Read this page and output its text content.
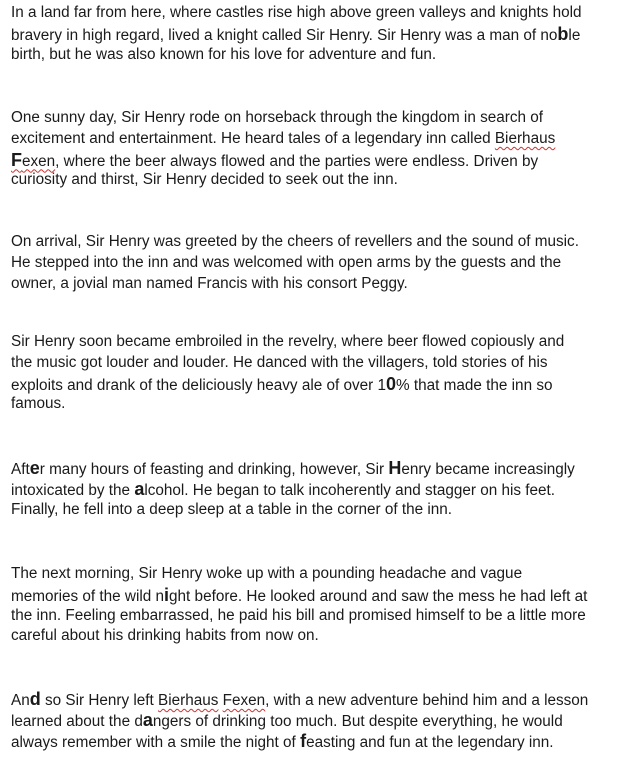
In a land far from here, where castles rise high above green valleys and knights hold
bravery in high regard, lived a knight called Sir Henry. Sir Henry was a man of noble
birth, but he was also known for his love for adventure and fun.

One sunny day, Sir Henry rode on horseback through the kingdom in search of
excitement and entertainment. He heard tales of a legendary inn called Bierhaus
Fexen, where the beer always flowed and the parties were endless. Driven by
curiosity and thirst, Sir Henry decided to seek out the inn.

On arrival, Sir Henry was greeted by the cheers of revellers and the sound of music.
He stepped into the inn and was welcomed with open arms by the guests and the
owner, a jovial man named Francis with his consort Peggy.

Sir Henry soon became embroiled in the revelry, where beer flowed copiously and
the music got louder and louder. He danced with the villagers, told stories of his
exploits and drank of the deliciously heavy ale of over 10% that made the inn so
famous.

After many hours of feasting and drinking, however, Sir Henry became increasingly
intoxicated by the alcohol. He began to talk incoherently and stagger on his feet.
Finally, he fell into a deep sleep at a table in the corner of the inn.

The next morning, Sir Henry woke up with a pounding headache and vague
memories of the wild night before. He looked around and saw the mess he had left at
the inn. Feeling embarrassed, he paid his bill and promised himself to be a little more
careful about his drinking habits from now on.

And so Sir Henry left Bierhaus Fexen, with a new adventure behind him and a lesson
learned about the dangers of drinking too much. But despite everything, he would
always remember with a smile the night of feasting and fun at the legendary inn.
